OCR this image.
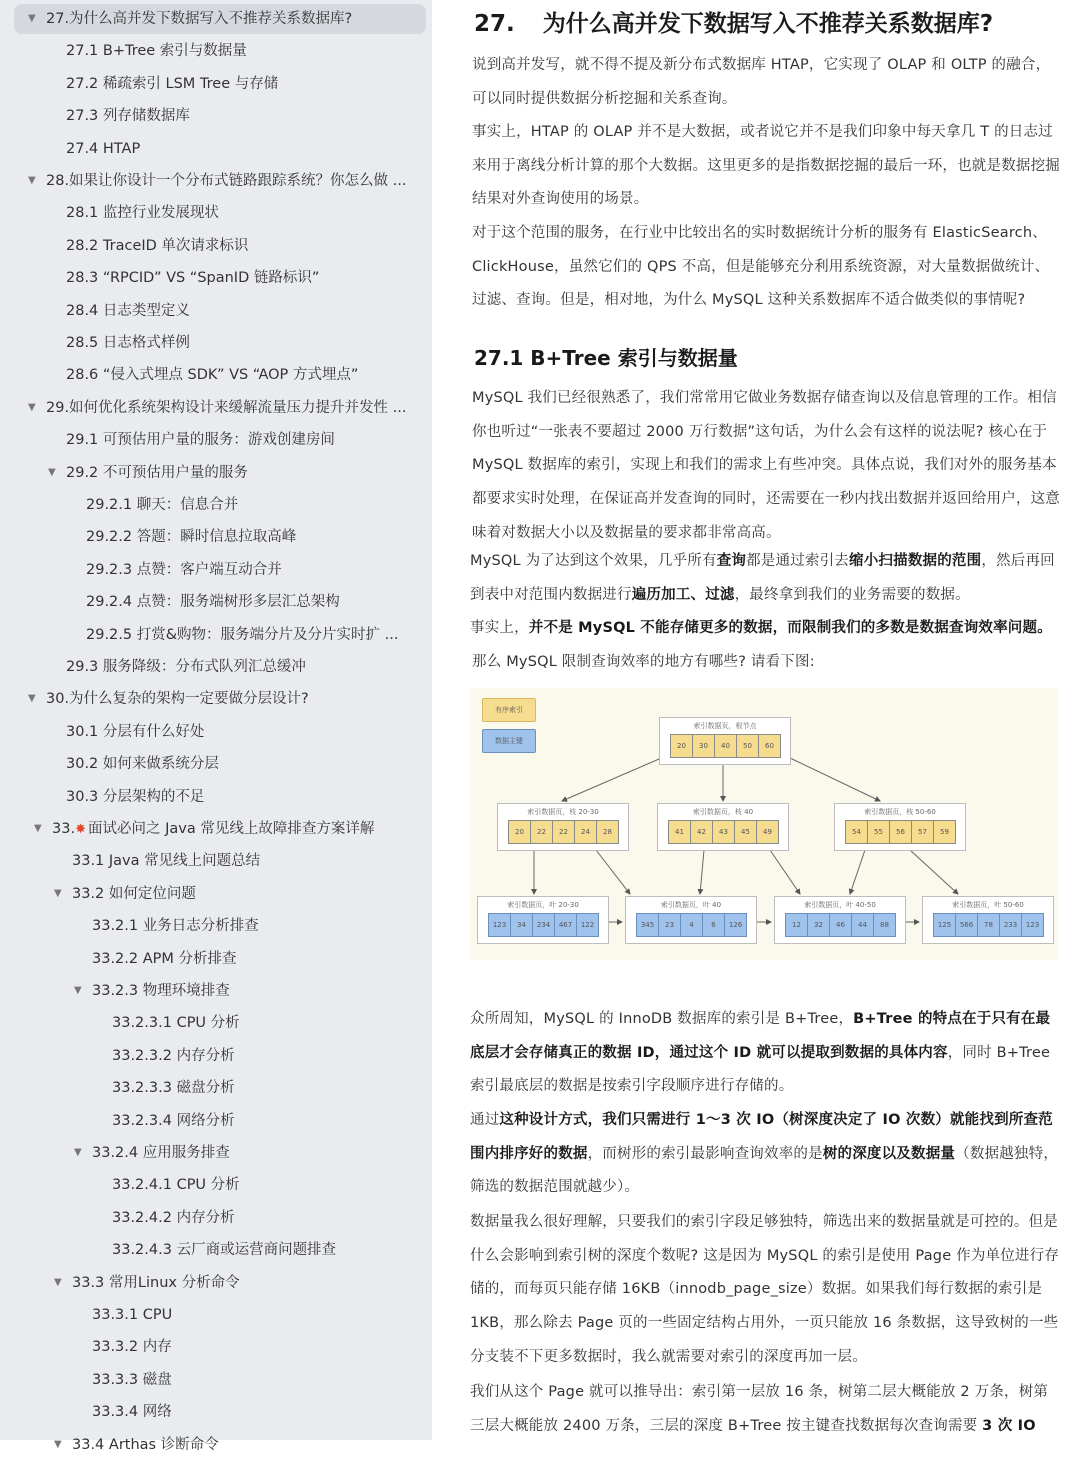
▼ 27.为什么高并发下数据写入不推荐关系数据库?
27.1 B+Tree 索引与数据量
27.2 稀疏索引 LSM Tree 与存储
27.3 列存储数据库
27.4 HTAP
▼ 28.如果让你设计一个分布式链路跟踪系统？你怎么做 ...
28.1 监控行业发展现状
28.2 TraceID 单次请求标识
28.3 “RPCID” VS “SpanID 链路标识”
28.4 日志类型定义
28.5 日志格式样例
28.6 “侵入式埋点 SDK” VS “AOP 方式埋点”
▼ 29.如何优化系统架构设计来缓解流量压力提升并发性 ...
29.1 可预估用户量的服务：游戏创建房间
▼ 29.2 不可预估用户量的服务
29.2.1 聊天：信息合并
29.2.2 答题：瞬时信息拉取高峰
29.2.3 点赞：客户端互动合并
29.2.4 点赞：服务端树形多层汇总架构
29.2.5 打赏&购物：服务端分片及分片实时扩 ...
29.3 服务降级：分布式队列汇总缓冲
▼ 30.为什么复杂的架构一定要做分层设计?
30.1 分层有什么好处
30.2 如何来做系统分层
30.3 分层架构的不足
▼ 33.✸ 面试必问之 Java 常见线上故障排查方案详解
33.1 Java 常见线上问题总结
▼ 33.2 如何定位问题
33.2.1 业务日志分析排查
33.2.2 APM 分析排查
▼ 33.2.3 物理环境排查
33.2.3.1 CPU 分析
33.2.3.2 内存分析
33.2.3.3 磁盘分析
33.2.3.4 网络分析
▼ 33.2.4 应用服务排查
33.2.4.1 CPU 分析
33.2.4.2 内存分析
33.2.4.3 云厂商或运营商问题排查
▼ 33.3 常用Linux 分析命令
33.3.1 CPU
33.3.2 内存
33.3.3 磁盘
33.3.4 网络
▼ 33.4 Arthas 诊断命令
27. 为什么高并发下数据写入不推荐关系数据库?
说到高并发写，就不得不提及新分布式数据库 HTAP，它实现了 OLAP 和 OLTP 的融合，可以同时提供数据分析挖掘和关系查询。
事实上，HTAP 的 OLAP 并不是大数据，或者说它并不是我们印象中每天拿几 T 的日志过来用于离线分析计算的那个大数据。这里更多的是指数据挖掘的最后一环，也就是数据挖掘结果对外查询使用的场景。
对于这个范围的服务，在行业中比较出名的实时数据统计分析的服务有 ElasticSearch、ClickHouse，虽然它们的 QPS 不高，但是能够充分利用系统资源，对大量数据做统计、过滤、查询。但是，相对地，为什么 MySQL 这种关系数据库不适合做类似的事情呢?
27.1 B+Tree 索引与数据量
MySQL 我们已经很熟悉了，我们常常用它做业务数据存储查询以及信息管理的工作。相信你也听过“一张表不要超过 2000 万行数据”这句话，为什么会有这样的说法呢? 核心在于 MySQL 数据库的索引，实现上和我们的需求上有些冲突。具体点说，我们对外的服务基本都要求实时处理，在保证高并发查询的同时，还需要在一秒内找出数据并返回给用户，这意味着对数据大小以及数据量的要求都非常高高。
MySQL 为了达到这个效果，几乎所有查询都是通过索引去缩小扫描数据的范围，然后再回到表中对范围内数据进行遍历加工、过滤，最终拿到我们的业务需要的数据。
事实上，并不是 MySQL 不能存储更多的数据，而限制我们的多数是数据查询效率问题。
那么 MySQL 限制查询效率的地方有哪些? 请看下图:
有序索引
数据主键
索引数据页，根节点
20	30	40	50	60
索引数据页，枝 20-30
20	22	22	24	28
索引数据页，枝 40
41	42	43	45	49
索引数据页，枝 50-60
54	55	56	57	59
索引数据页，叶 20-30
123	34	234	467	122
索引数据页，叶 40
345	23	4	6	126
索引数据页，叶 40-50
12	32	46	44	88
索引数据页，叶 50-60
125	566	78	233	123
众所周知，MySQL 的 InnoDB 数据库的索引是 B+Tree，B+Tree 的特点在于只有在最底层才会存储真正的数据 ID，通过这个 ID 就可以提取到数据的具体内容，同时 B+Tree 索引最底层的数据是按索引字段顺序进行存储的。
通过这种设计方式，我们只需进行 1～3 次 IO（树深度决定了 IO 次数）就能找到所查范围内排序好的数据，而树形的索引最影响查询效率的是树的深度以及数据量（数据越独特，筛选的数据范围就越少）。
数据量我么很好理解，只要我们的索引字段足够独特，筛选出来的数据量就是可控的。但是什么会影响到索引树的深度个数呢? 这是因为 MySQL 的索引是使用 Page 作为单位进行存储的，而每页只能存储 16KB（innodb_page_size）数据。如果我们每行数据的索引是 1KB，那么除去 Page 页的一些固定结构占用外，一页只能放 16 条数据，这导致树的一些分支装不下更多数据时，我么就需要对索引的深度再加一层。
我们从这个 Page 就可以推导出：索引第一层放 16 条，树第二层大概能放 2 万条，树第三层大概能放 2400 万条，三层的深度 B+Tree 按主键查找数据每次查询需要 3 次 IO
